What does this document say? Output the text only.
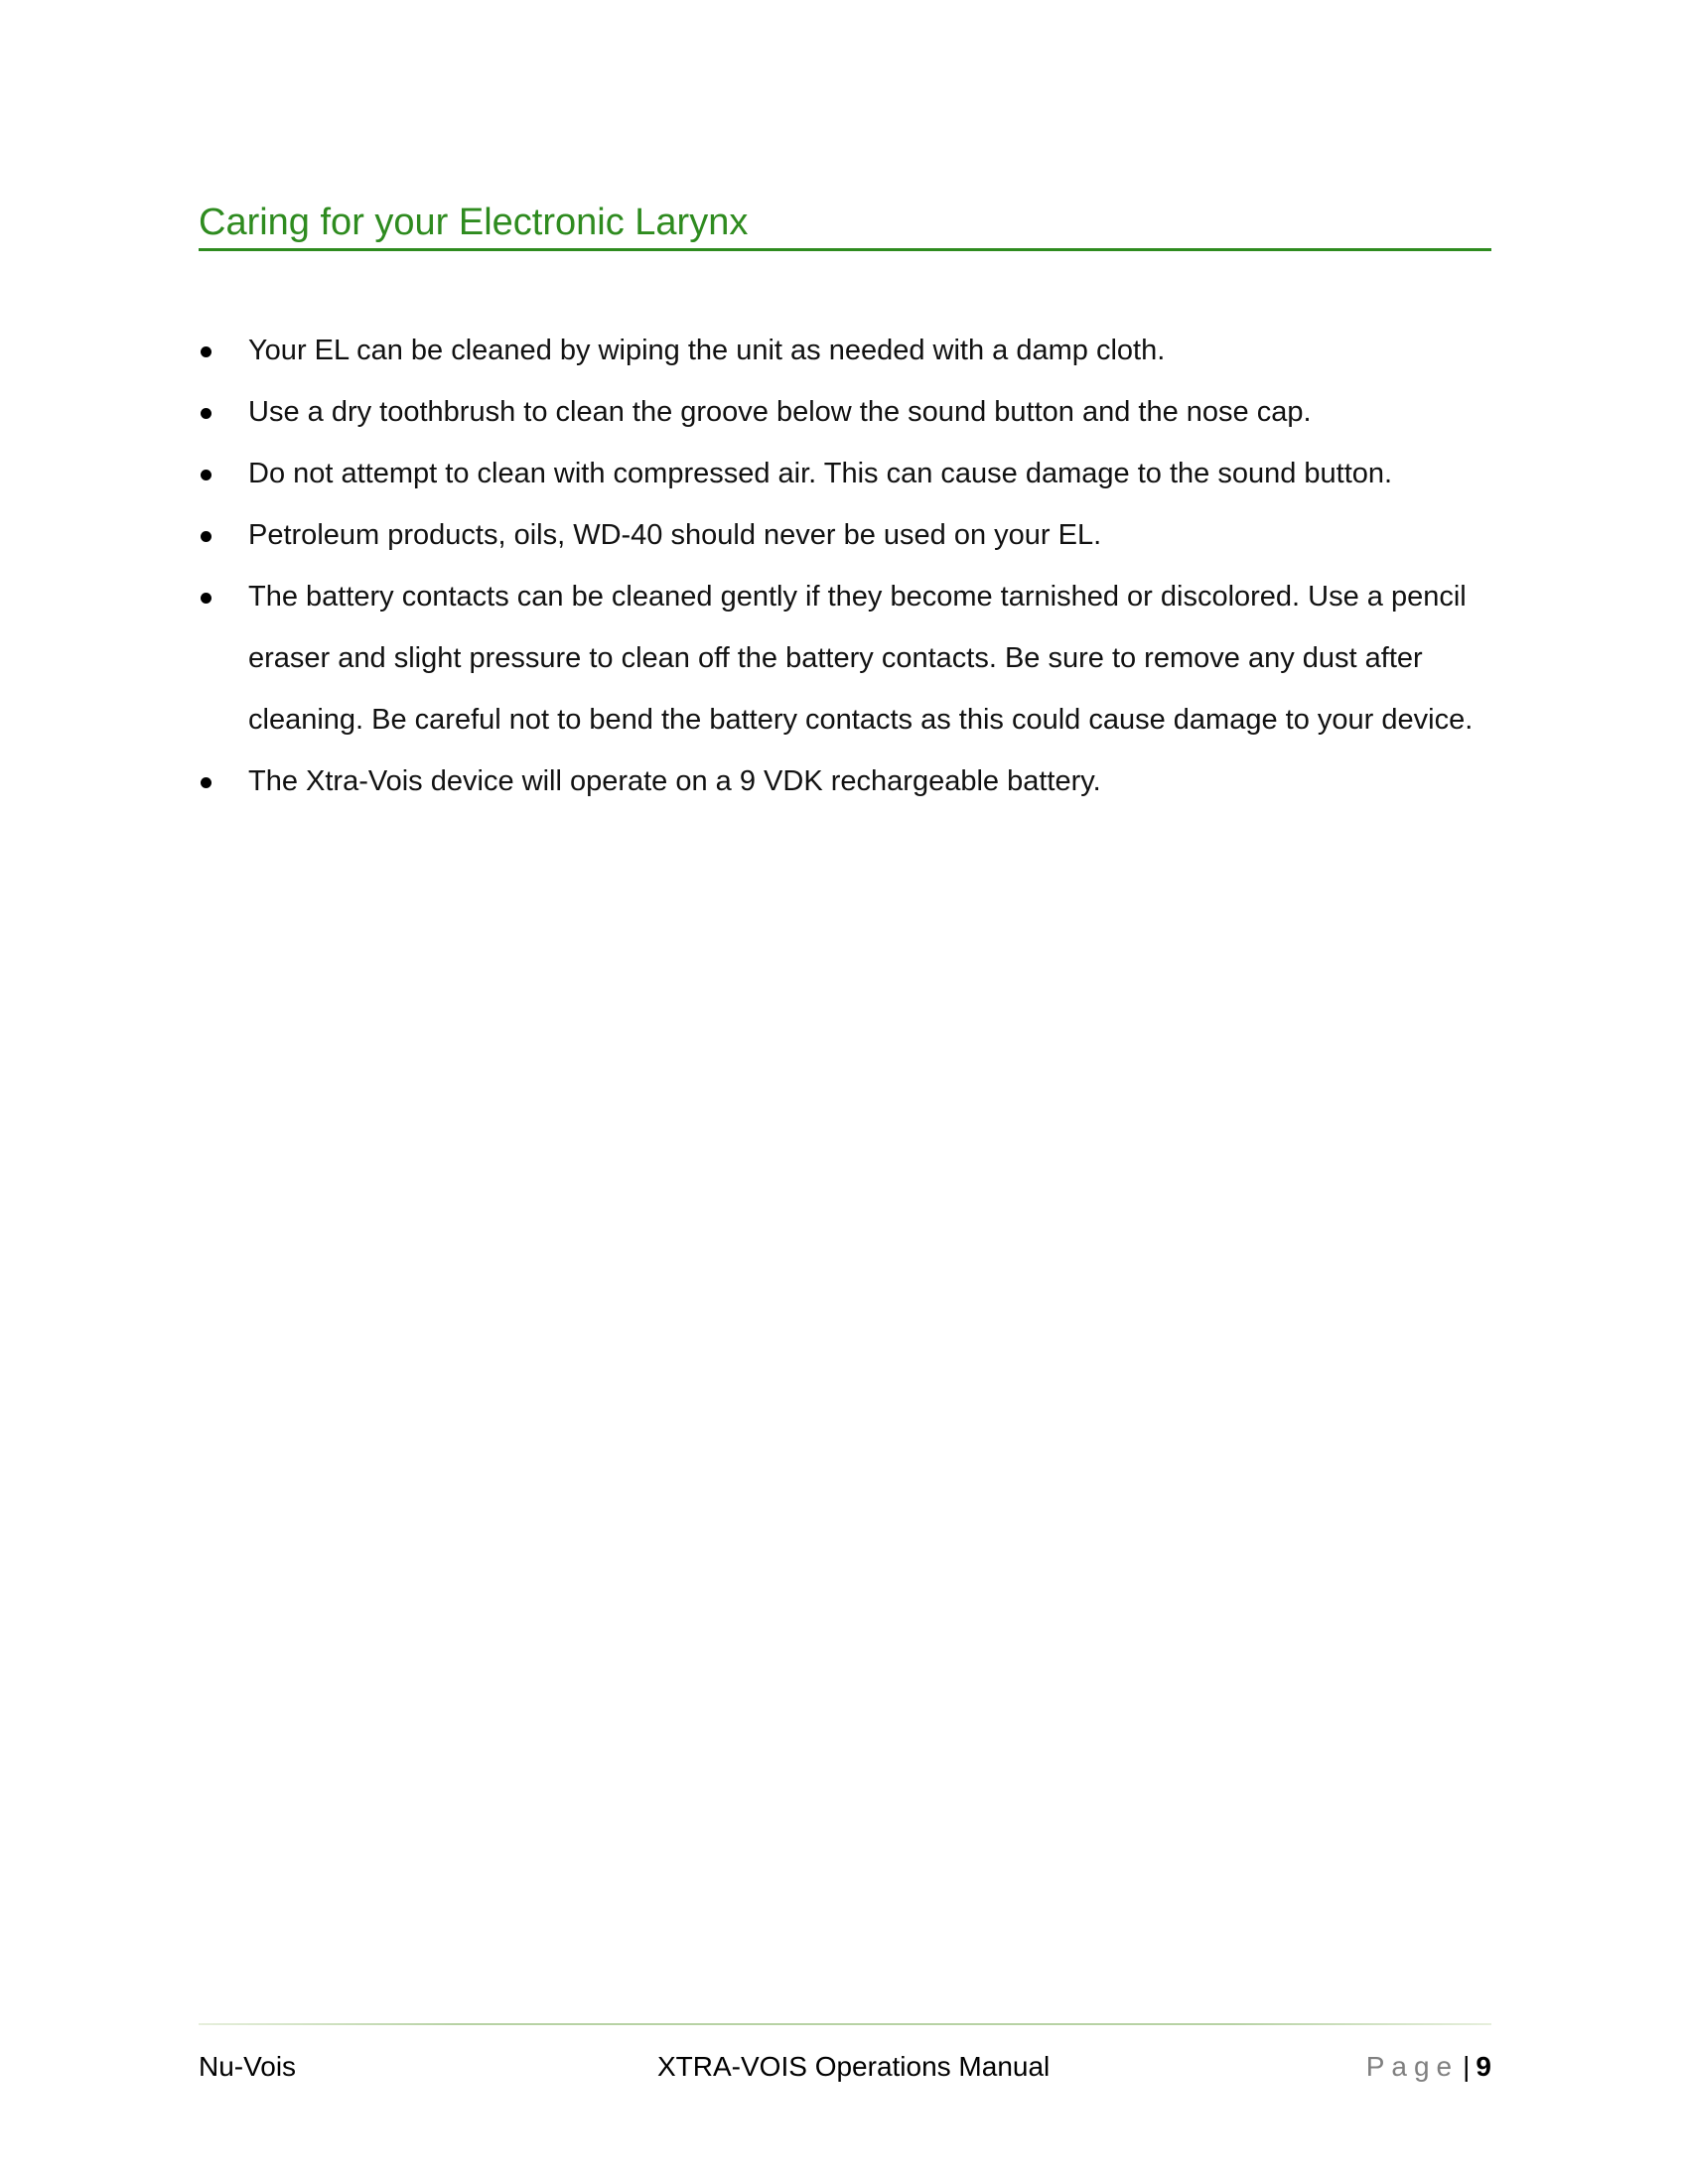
Caring for your Electronic Larynx
Your EL can be cleaned by wiping the unit as needed with a damp cloth.
Use a dry toothbrush to clean the groove below the sound button and the nose cap.
Do not attempt to clean with compressed air. This can cause damage to the sound button.
Petroleum products, oils, WD-40 should never be used on your EL.
The battery contacts can be cleaned gently if they become tarnished or discolored. Use a pencil eraser and slight pressure to clean off the battery contacts. Be sure to remove any dust after cleaning. Be careful not to bend the battery contacts as this could cause damage to your device.
The Xtra-Vois device will operate on a 9 VDK rechargeable battery.
Nu-Vois	XTRA-VOIS Operations Manual	Page | 9
